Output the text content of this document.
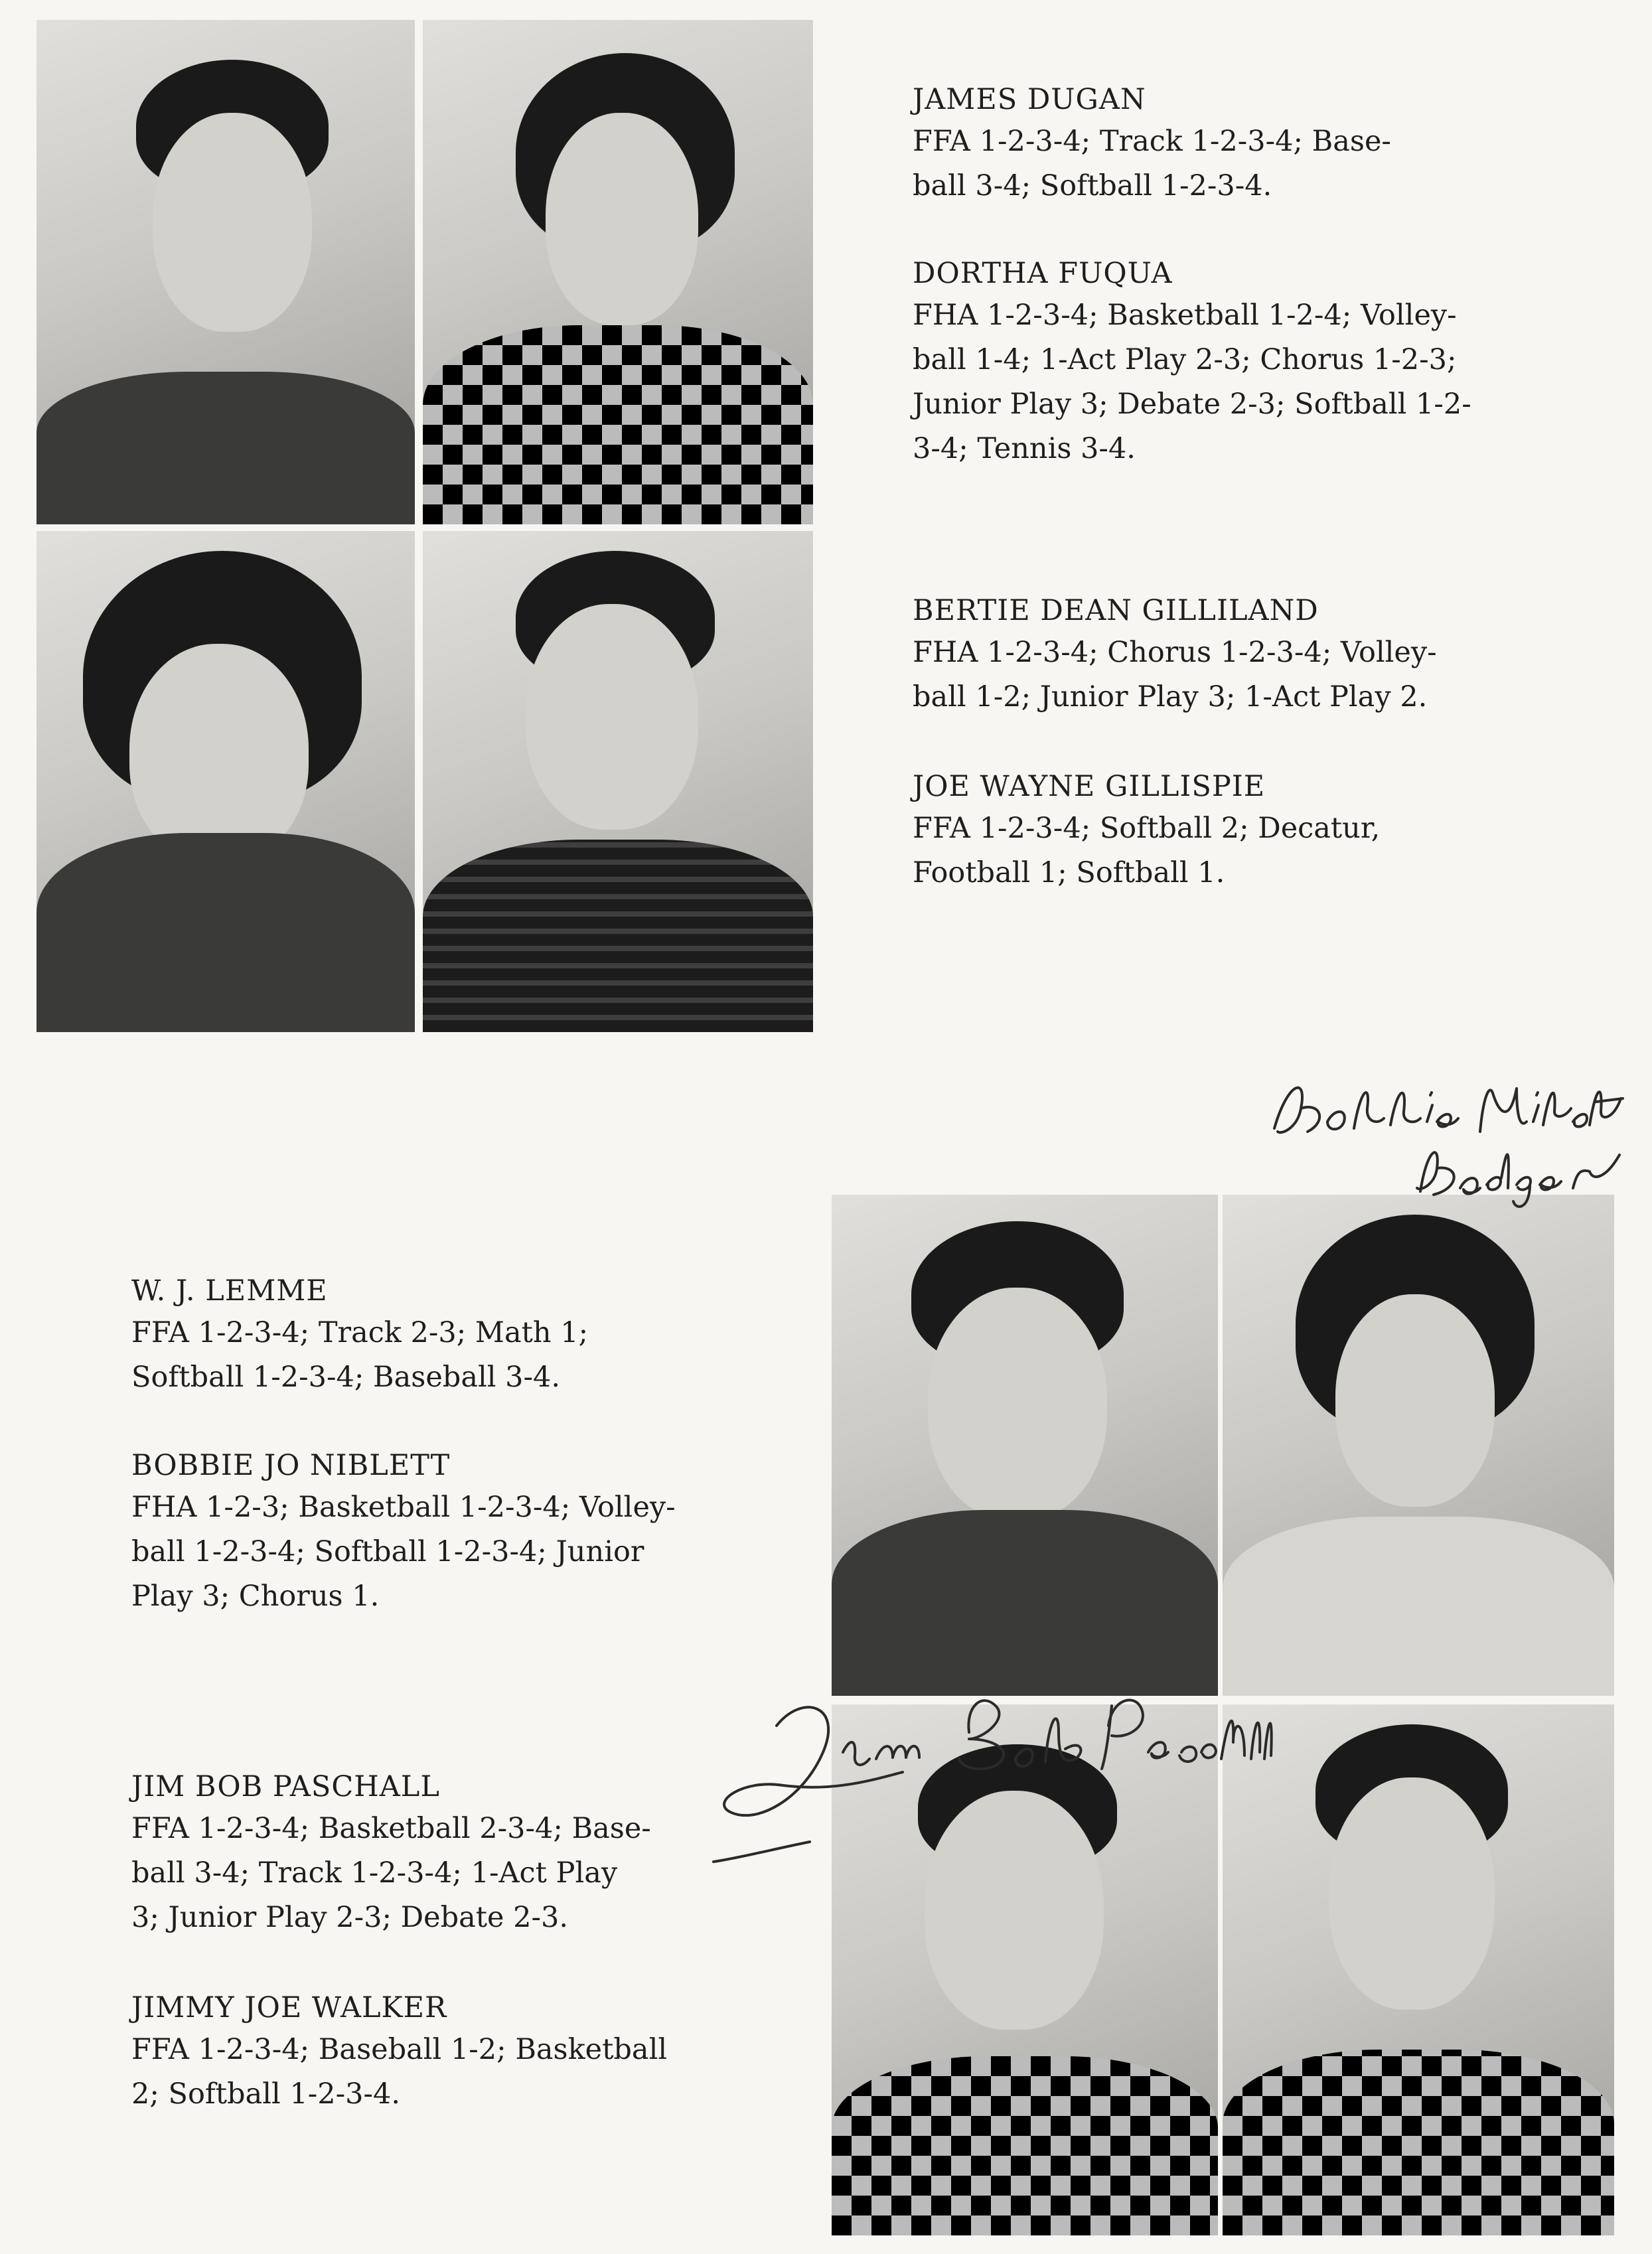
JAMES DUGAN

FFA 1-2-3-4; Track 1-2-3-4; Base-

ball 3-4; Softball 1-2-3-4.

DORTHA FUQUA

FHA 1-2-3-4; Basketball 1-2-4; Volley-

ball 1-4; 1-Act Play 2-3; Chorus 1-2-3;

Junior Play 3; Debate 2-3; Softball 1-2-

3-4; Tennis 3-4.

BERTIE DEAN GILLILAND

FHA 1-2-3-4; Chorus 1-2-3-4; Volley-

ball 1-2; Junior Play 3; 1-Act Play 2.

JOE WAYNE GILLISPIE

FFA 1-2-3-4; Softball 2; Decatur,

Football 1; Softball 1.

W. J. LEMME

FFA 1-2-3-4; Track 2-3; Math 1;

Softball 1-2-3-4; Baseball 3-4.

BOBBIE JO NIBLETT

FHA 1-2-3; Basketball 1-2-3-4; Volley-

ball 1-2-3-4; Softball 1-2-3-4; Junior

Play 3; Chorus 1.

JIM BOB PASCHALL

FFA 1-2-3-4; Basketball 2-3-4; Base-

ball 3-4; Track 1-2-3-4; 1-Act Play

3; Junior Play 2-3; Debate 2-3.

JIMMY JOE WALKER

FFA 1-2-3-4; Baseball 1-2; Basketball

2; Softball 1-2-3-4.
